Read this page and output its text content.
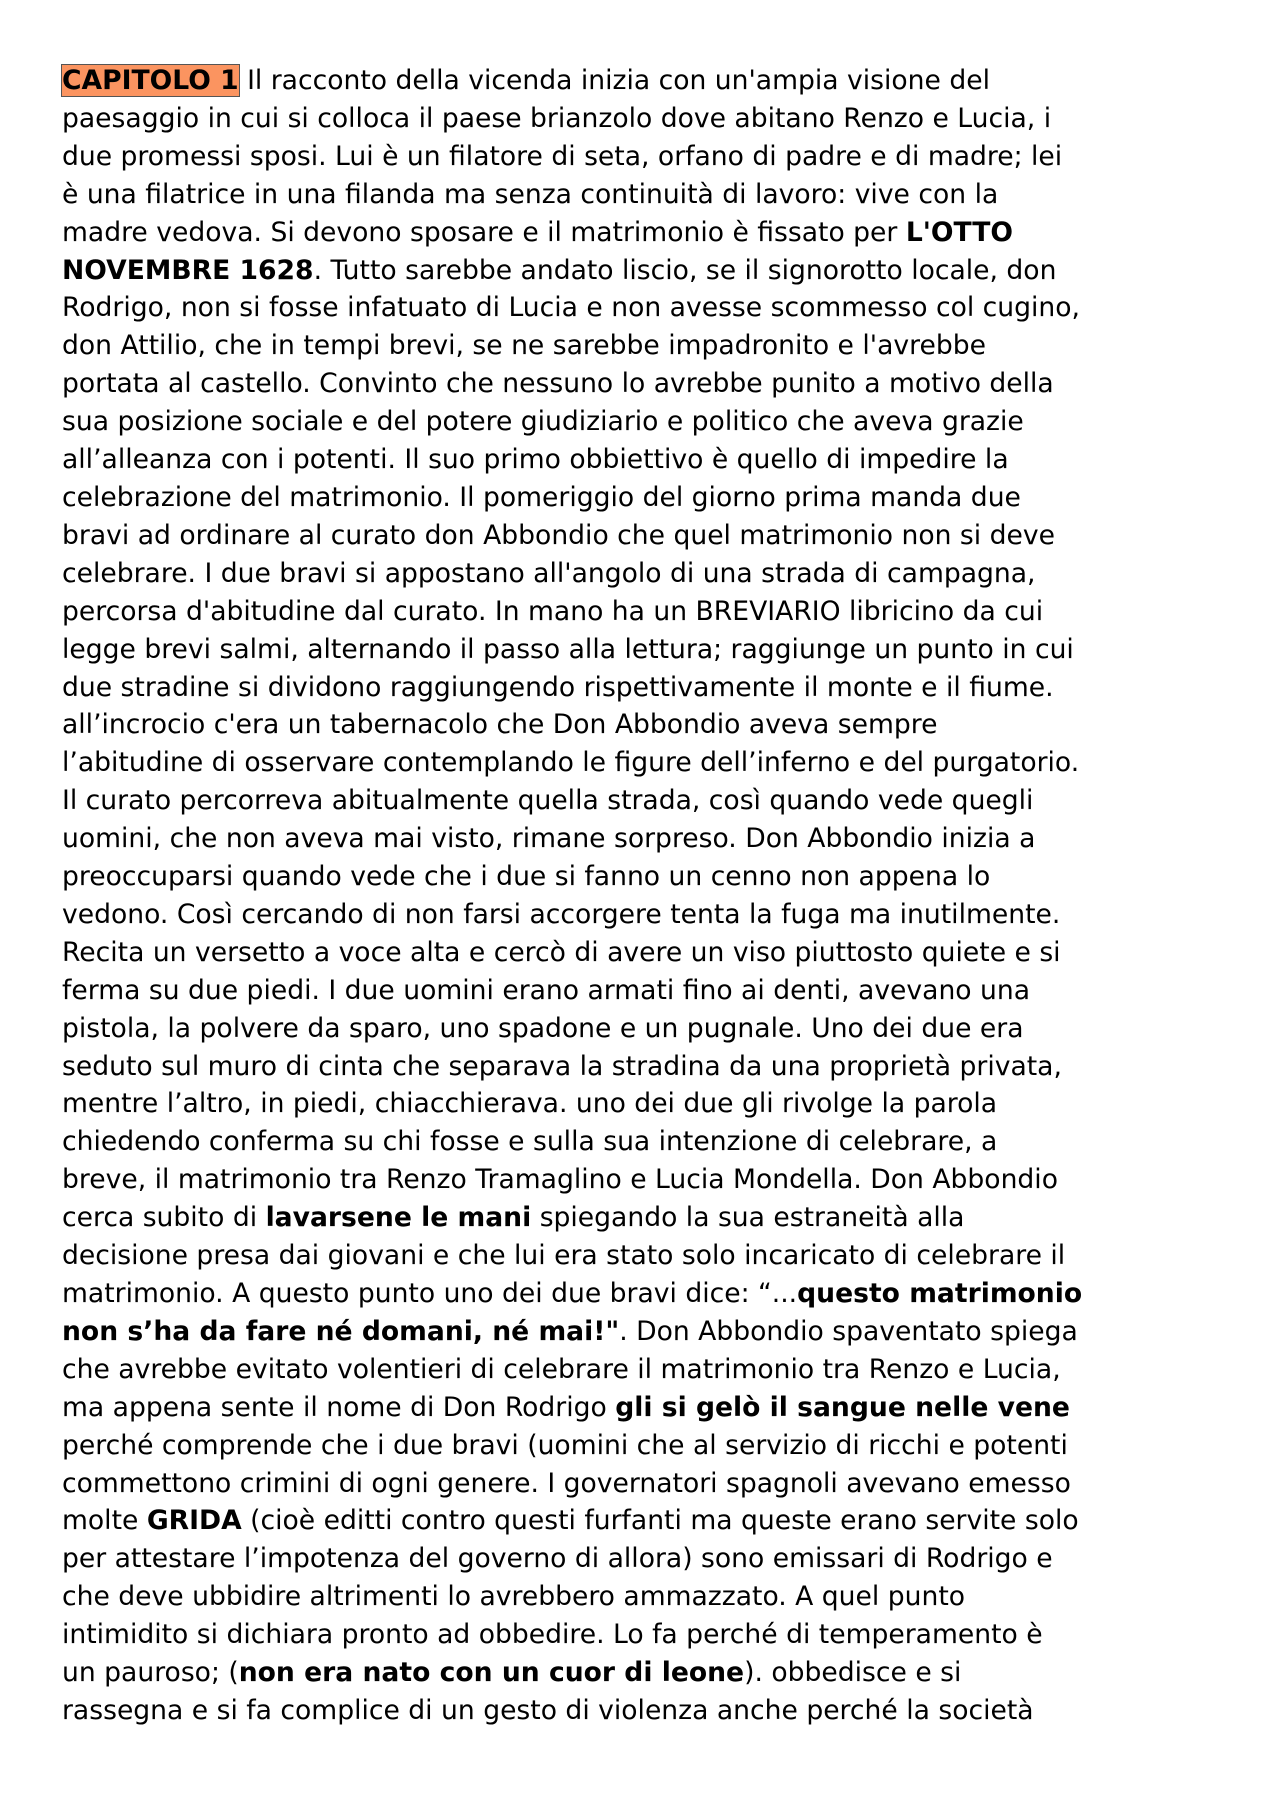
CAPITOLO 1 Il racconto della vicenda inizia con un'ampia visione del
paesaggio in cui si colloca il paese brianzolo dove abitano Renzo e Lucia, i
due promessi sposi. Lui è un filatore di seta, orfano di padre e di madre; lei
è una filatrice in una filanda ma senza continuità di lavoro: vive con la
madre vedova. Si devono sposare e il matrimonio è fissato per L'OTTO
NOVEMBRE 1628. Tutto sarebbe andato liscio, se il signorotto locale, don
Rodrigo, non si fosse infatuato di Lucia e non avesse scommesso col cugino,
don Attilio, che in tempi brevi, se ne sarebbe impadronito e l'avrebbe
portata al castello. Convinto che nessuno lo avrebbe punito a motivo della
sua posizione sociale e del potere giudiziario e politico che aveva grazie
all’alleanza con i potenti. Il suo primo obbiettivo è quello di impedire la
celebrazione del matrimonio. Il pomeriggio del giorno prima manda due
bravi ad ordinare al curato don Abbondio che quel matrimonio non si deve
celebrare. I due bravi si appostano all'angolo di una strada di campagna,
percorsa d'abitudine dal curato. In mano ha un BREVIARIO libricino da cui
legge brevi salmi, alternando il passo alla lettura; raggiunge un punto in cui
due stradine si dividono raggiungendo rispettivamente il monte e il fiume.
all’incrocio c'era un tabernacolo che Don Abbondio aveva sempre
l’abitudine di osservare contemplando le figure dell’inferno e del purgatorio.
Il curato percorreva abitualmente quella strada, così quando vede quegli
uomini, che non aveva mai visto, rimane sorpreso. Don Abbondio inizia a
preoccuparsi quando vede che i due si fanno un cenno non appena lo
vedono. Così cercando di non farsi accorgere tenta la fuga ma inutilmente.
Recita un versetto a voce alta e cercò di avere un viso piuttosto quiete e si
ferma su due piedi. I due uomini erano armati fino ai denti, avevano una
pistola, la polvere da sparo, uno spadone e un pugnale. Uno dei due era
seduto sul muro di cinta che separava la stradina da una proprietà privata,
mentre l’altro, in piedi, chiacchierava. uno dei due gli rivolge la parola
chiedendo conferma su chi fosse e sulla sua intenzione di celebrare, a
breve, il matrimonio tra Renzo Tramaglino e Lucia Mondella. Don Abbondio
cerca subito di lavarsene le mani spiegando la sua estraneità alla
decisione presa dai giovani e che lui era stato solo incaricato di celebrare il
matrimonio. A questo punto uno dei due bravi dice: “...questo matrimonio
non s’ha da fare né domani, né mai!". Don Abbondio spaventato spiega
che avrebbe evitato volentieri di celebrare il matrimonio tra Renzo e Lucia,
ma appena sente il nome di Don Rodrigo gli si gelò il sangue nelle vene
perché comprende che i due bravi (uomini che al servizio di ricchi e potenti
commettono crimini di ogni genere. I governatori spagnoli avevano emesso
molte GRIDA (cioè editti contro questi furfanti ma queste erano servite solo
per attestare l’impotenza del governo di allora) sono emissari di Rodrigo e
che deve ubbidire altrimenti lo avrebbero ammazzato. A quel punto
intimidito si dichiara pronto ad obbedire. Lo fa perché di temperamento è
un pauroso; (non era nato con un cuor di leone). obbedisce e si
rassegna e si fa complice di un gesto di violenza anche perché la società
